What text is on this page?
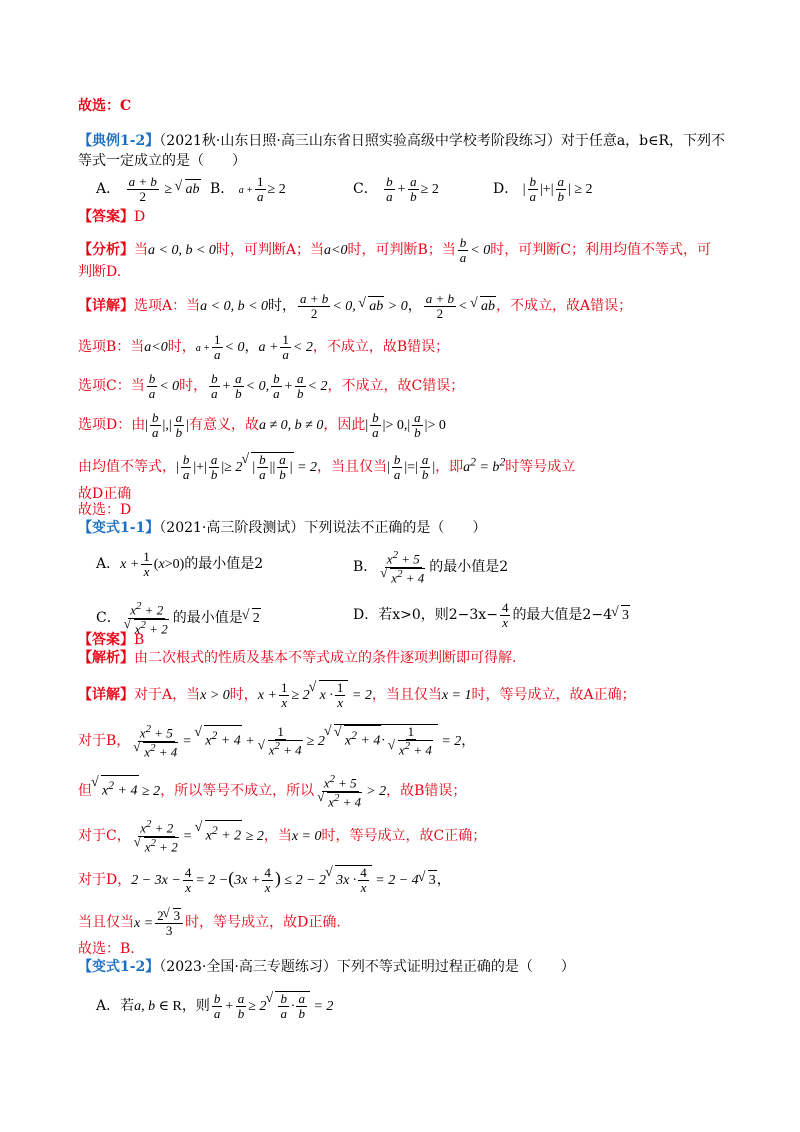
故选：C
【典例1-2】（2021秋·山东日照·高三山东省日照实验高级中学校考阶段练习）对于任意a，b∈R，下列不
等式一定成立的是（　　）
A． $\frac{a + b}{2}$ ≥ √ ab B． $a + \frac{1}{a} \ge 2$	C． $\frac{b}{a} + \frac{a}{b} \ge 2$	D． | $\frac{b}{a}$ |+| $\frac{a}{b}$ | ≥ 2
【答案】D
【分析】当a < 0, b < 0时，可判断A；当a<0时，可判断B；当 $\frac{b}{a} < 0$时，可判断C；利用均值不等式，可
判断D.
【详解】选项A：当a < 0, b < 0时， $\frac{a + b}{2} < 0$, √ ab > 0， $\frac{a + b}{2}$ < √ ab，不成立，故A错误；
选项B：当a<0时，$a + \frac{1}{a} < 0$，$a + \frac{1}{a} < 2$，不成立，故B错误；
选项C：当 $\frac{b}{a} < 0$时， $\frac{b}{a} + \frac{a}{b} < 0$, $\frac{b}{a} + \frac{a}{b} < 2$，不成立，故C错误；
选项D：由| $\frac{b}{a}$ |,| $\frac{a}{b}$ |有意义，故a ≠ 0, b ≠ 0，因此| $\frac{b}{a}$ |> $0,| \frac{a}{b}$ |> 0
由均值不等式，| $\frac{b}{a}$ |+| $\frac{a}{b}$ |≥ 2√ | $\frac{b}{a}$ || $\frac{a}{b}$ | = 2，当且仅当| $\frac{b}{a}$ |=| $\frac{a}{b}$ |，即$a^2 = b^2$时等号成立
故D正确
故选：D
【变式1-1】（2021·高三阶段测试）下列说法不正确的是（　　）
A．$x + \frac{1}{x} (x>0)$的最小值是2	B． $x^2 + 5$
√ $x^2 + 4$ 的最小值是2
C． $x^2 + 2$
√ $x^2 + 2$ 的最小值是√ 2	D．若x>0，则$2-3x- \frac{4}{x}$ 的最大值是2−4√ 3
【答案】B
【解析】由二次根式的性质及基本不等式成立的条件逐项判断即可得解.
【详解】对于A，当x > 0时，$x + \frac{1}{x} \ge 2√$ $x \cdot \frac{1}{x} = 2$，当且仅当x = 1时，等号成立，故A正确；
对于B， $x^2 + 5$
√ $x^2 + 4$ = √ $x^2 + 4 + 1$
√ $x^2 + 4 \ge 2√$ √ $x^2 + 4\cdot 1$
√ $x^2 + 4 = 2$，
但√ $x^2 + 4 \ge 2$，所以等号不成立，所以 $x^2 + 5$
√ $x^2 + 4 > 2$，故B错误；
对于C， $x^2 + 2$
√ $x^2 + 2$ = √ $x^2 + 2 \ge 2$，当x = 0时，等号成立，故C正确；
对于D，$2 - 3x - \frac{4}{x} = 2 -(3x + \frac{4}{x}$ ) ≤ 2 − 2√ $3x \cdot \frac{4}{x} = 2 - 4√$ 3，
当且仅当$x = \frac{2√ 3}{3}$ 时，等号成立，故D正确.
故选：B.
【变式1-2】（2023·全国·高三专题练习）下列不等式证明过程正确的是（　　）
A．若a, b ∈ R，则 $\frac{b}{a} + \frac{a}{b} \ge 2$
√ $\frac{b}{a} \cdot \frac{a}{b} = 2$
